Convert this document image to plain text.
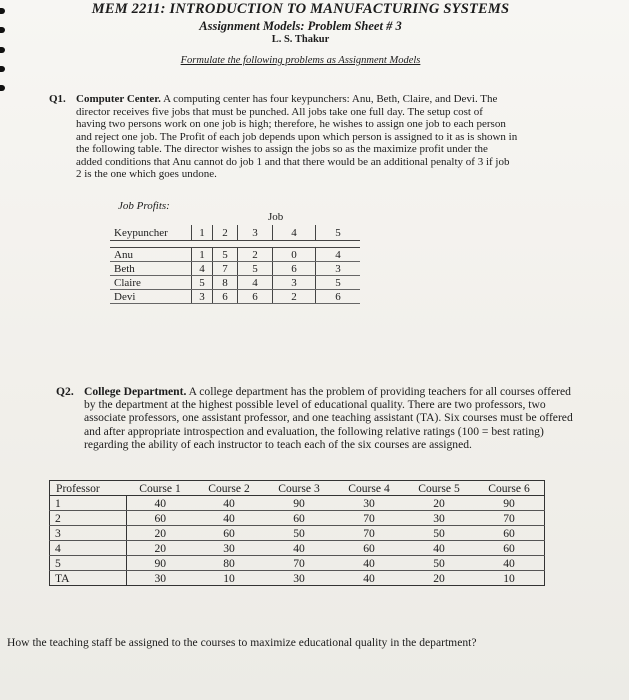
MEM 2211: INTRODUCTION TO MANUFACTURING SYSTEMS
Assignment Models: Problem Sheet # 3
L. S. Thakur
Formulate the following problems as Assignment Models
Q1. Computer Center. A computing center has four keypunchers: Anu, Beth, Claire, and Devi. The
director receives five jobs that must be punched. All jobs take one full day. The setup cost of
having two persons work on one job is high; therefore, he wishes to assign one job to each person
and reject one job. The Profit of each job depends upon which person is assigned to it as is shown in
the following table. The director wishes to assign the jobs so as the maximize profit under the
added conditions that Anu cannot do job 1 and that there would be an additional penalty of 3 if job
2 is the one which goes undone.
Job Profits:
Job
Keypuncher	1	2	3	4	5

Anu	1	5	2	0	4
Beth	4	7	5	6	3
Claire	5	8	4	3	5
Devi	3	6	6	2	6
Q2. College Department. A college department has the problem of providing teachers for all courses offered
by the department at the highest possible level of educational quality. There are two professors, two
associate professors, one assistant professor, and one teaching assistant (TA). Six courses must be offered
and after appropriate introspection and evaluation, the following relative ratings (100 = best rating)
regarding the ability of each instructor to teach each of the six courses are assigned.
Professor	Course 1	Course 2	Course 3	Course 4	Course 5	Course 6
1	40	40	90	30	20	90
2	60	40	60	70	30	70
3	20	60	50	70	50	60
4	20	30	40	60	40	60
5	90	80	70	40	50	40
TA	30	10	30	40	20	10

How the teaching staff be assigned to the courses to maximize educational quality in the department?
